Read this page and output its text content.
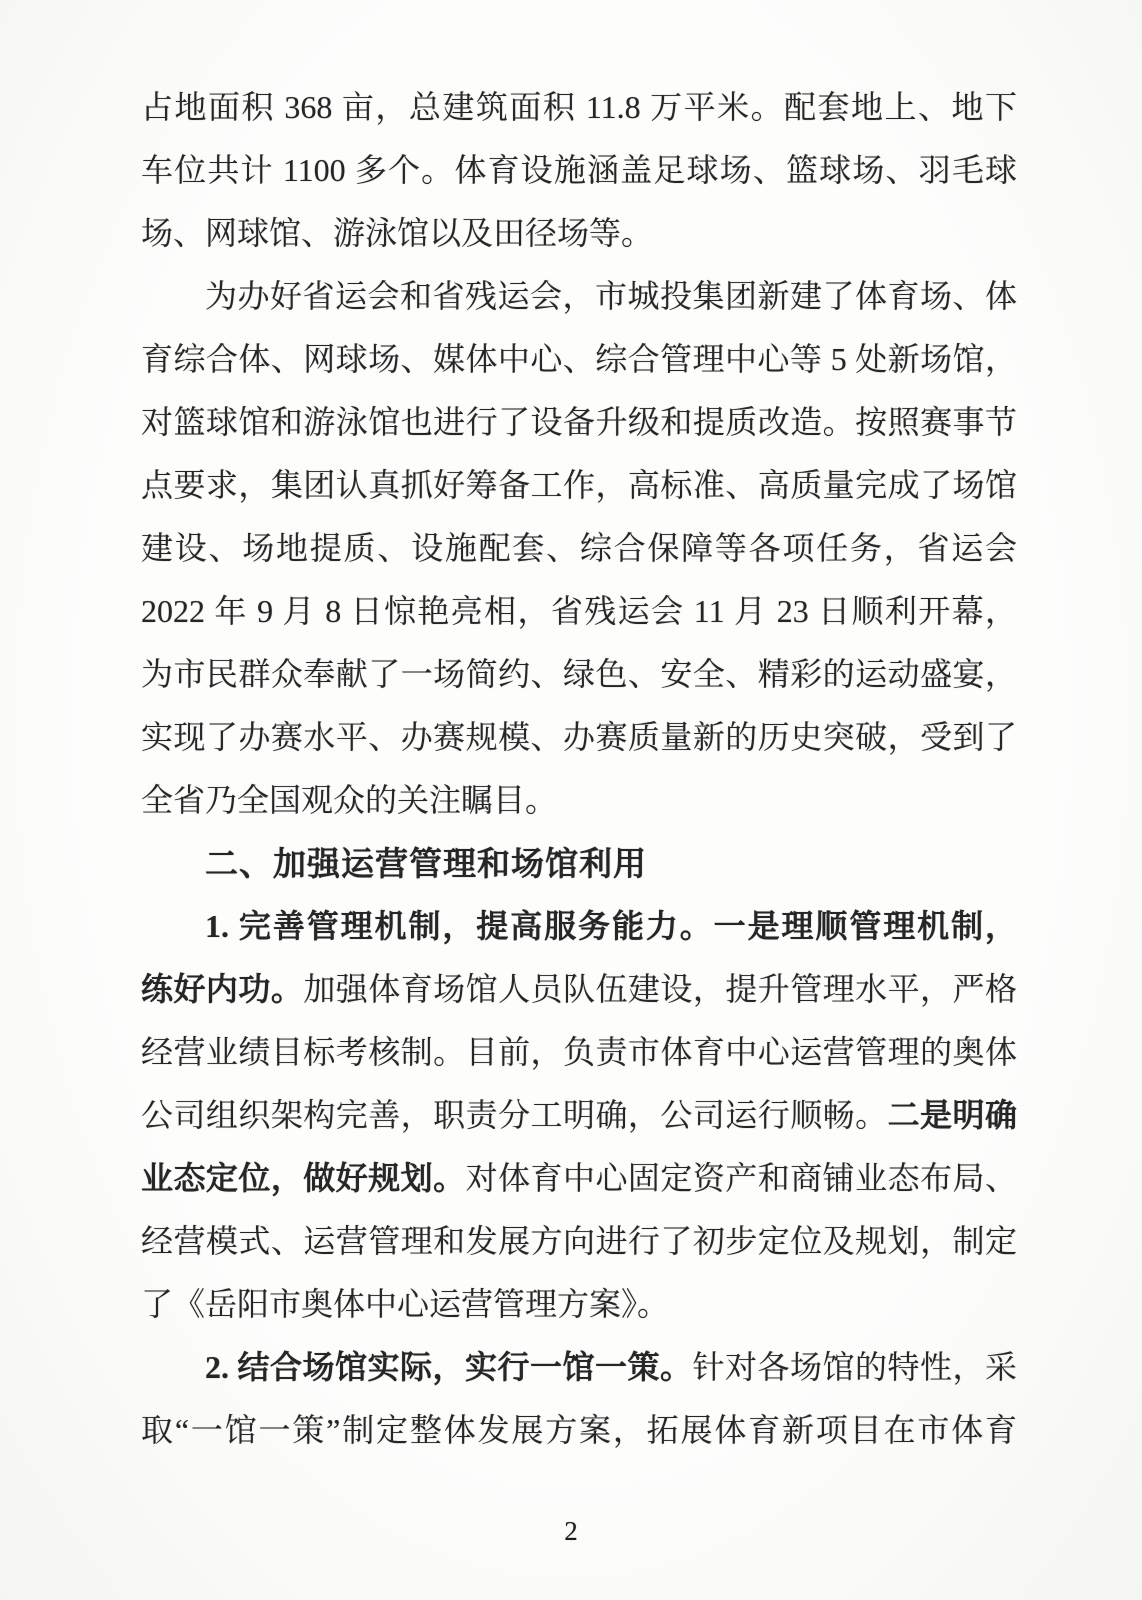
占地面积 368 亩，总建筑面积 11.8 万平米。配套地上、地下
车位共计 1100 多个。体育设施涵盖足球场、篮球场、羽毛球
场、网球馆、游泳馆以及田径场等。
为办好省运会和省残运会，市城投集团新建了体育场、体
育综合体、网球场、媒体中心、综合管理中心等 5 处新场馆，
对篮球馆和游泳馆也进行了设备升级和提质改造。按照赛事节
点要求，集团认真抓好筹备工作，高标准、高质量完成了场馆
建设、场地提质、设施配套、综合保障等各项任务，省运会
2022 年 9 月 8 日惊艳亮相，省残运会 11 月 23 日顺利开幕，
为市民群众奉献了一场简约、绿色、安全、精彩的运动盛宴，
实现了办赛水平、办赛规模、办赛质量新的历史突破，受到了
全省乃全国观众的关注瞩目。
二、加强运营管理和场馆利用
1. 完善管理机制，提高服务能力。一是理顺管理机制，
练好内功。加强体育场馆人员队伍建设，提升管理水平，严格
经营业绩目标考核制。目前，负责市体育中心运营管理的奥体
公司组织架构完善，职责分工明确，公司运行顺畅。二是明确
业态定位，做好规划。对体育中心固定资产和商铺业态布局、
经营模式、运营管理和发展方向进行了初步定位及规划，制定
了《岳阳市奥体中心运营管理方案》。
2. 结合场馆实际，实行一馆一策。针对各场馆的特性，采
取“一馆一策”制定整体发展方案，拓展体育新项目在市体育
2
